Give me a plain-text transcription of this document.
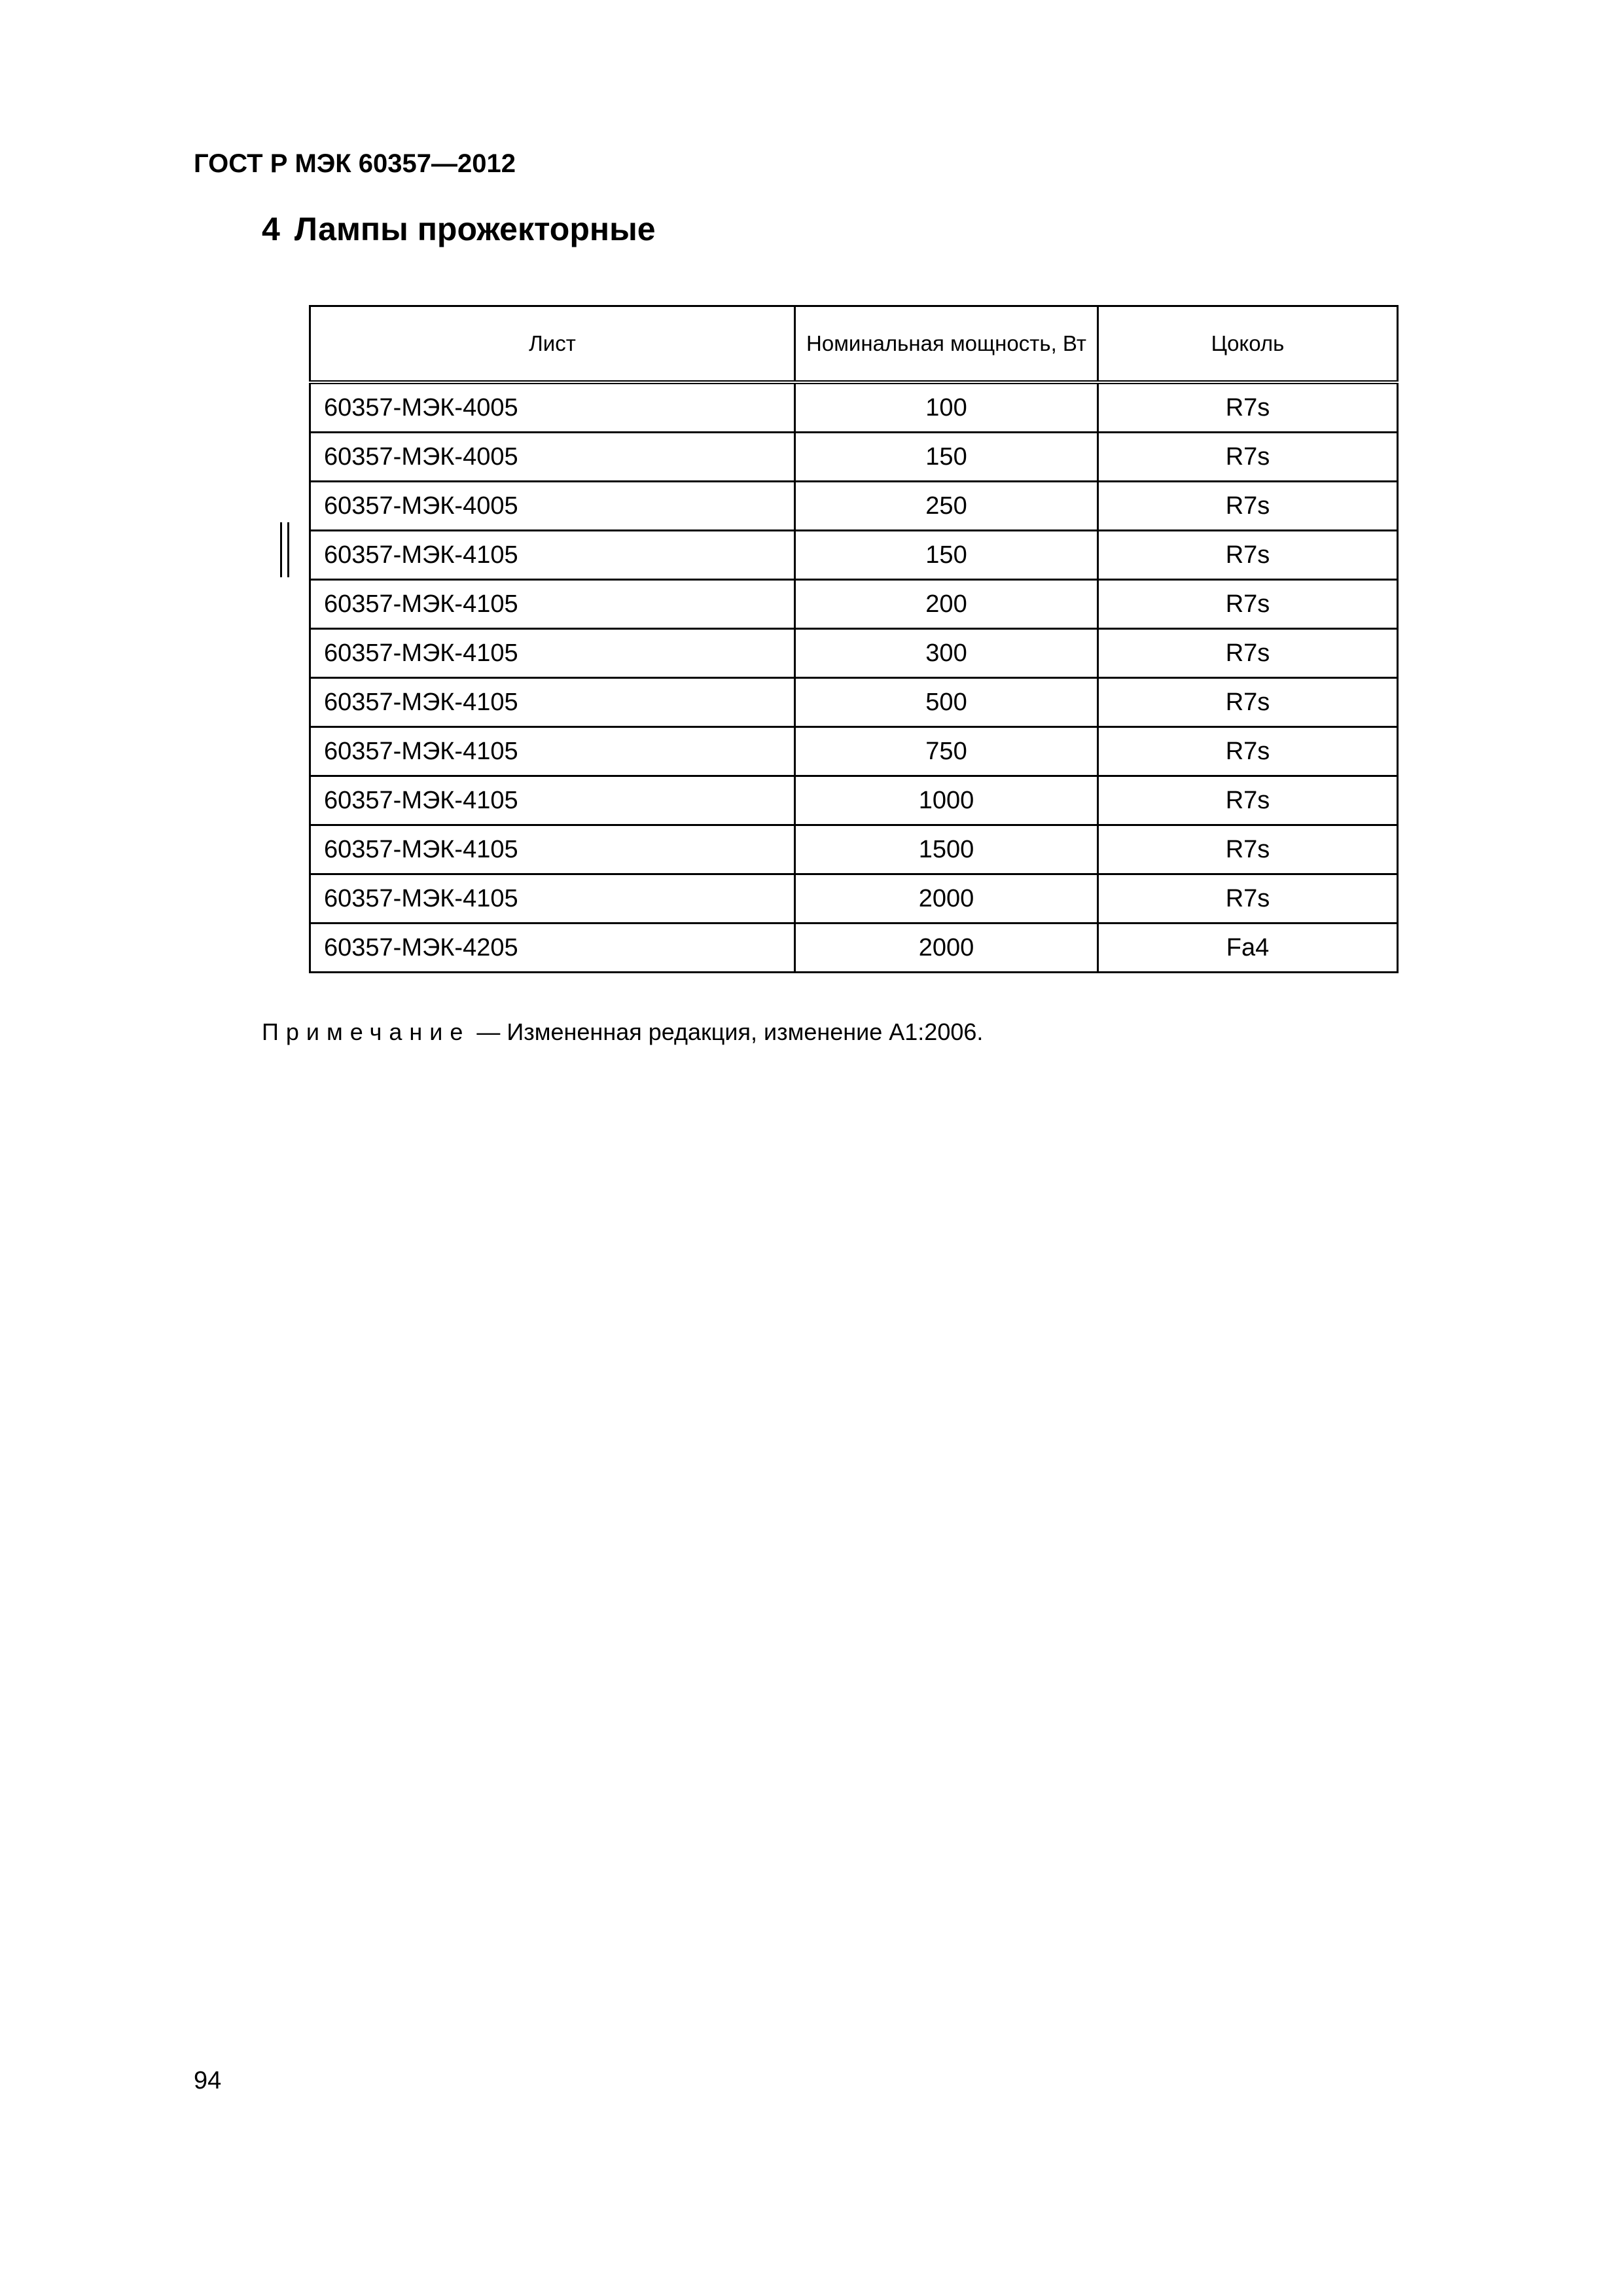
ГОСТ Р МЭК 60357—2012
4 Лампы прожекторные
Лист	Номинальная мощность, Вт	Цоколь
60357-МЭК-4005	100	R7s
60357-МЭК-4005	150	R7s
60357-МЭК-4005	250	R7s
60357-МЭК-4105	150	R7s
60357-МЭК-4105	200	R7s
60357-МЭК-4105	300	R7s
60357-МЭК-4105	500	R7s
60357-МЭК-4105	750	R7s
60357-МЭК-4105	1000	R7s
60357-МЭК-4105	1500	R7s
60357-МЭК-4105	2000	R7s
60357-МЭК-4205	2000	Fa4
Примечание — Измененная редакция, изменение А1:2006.
94
